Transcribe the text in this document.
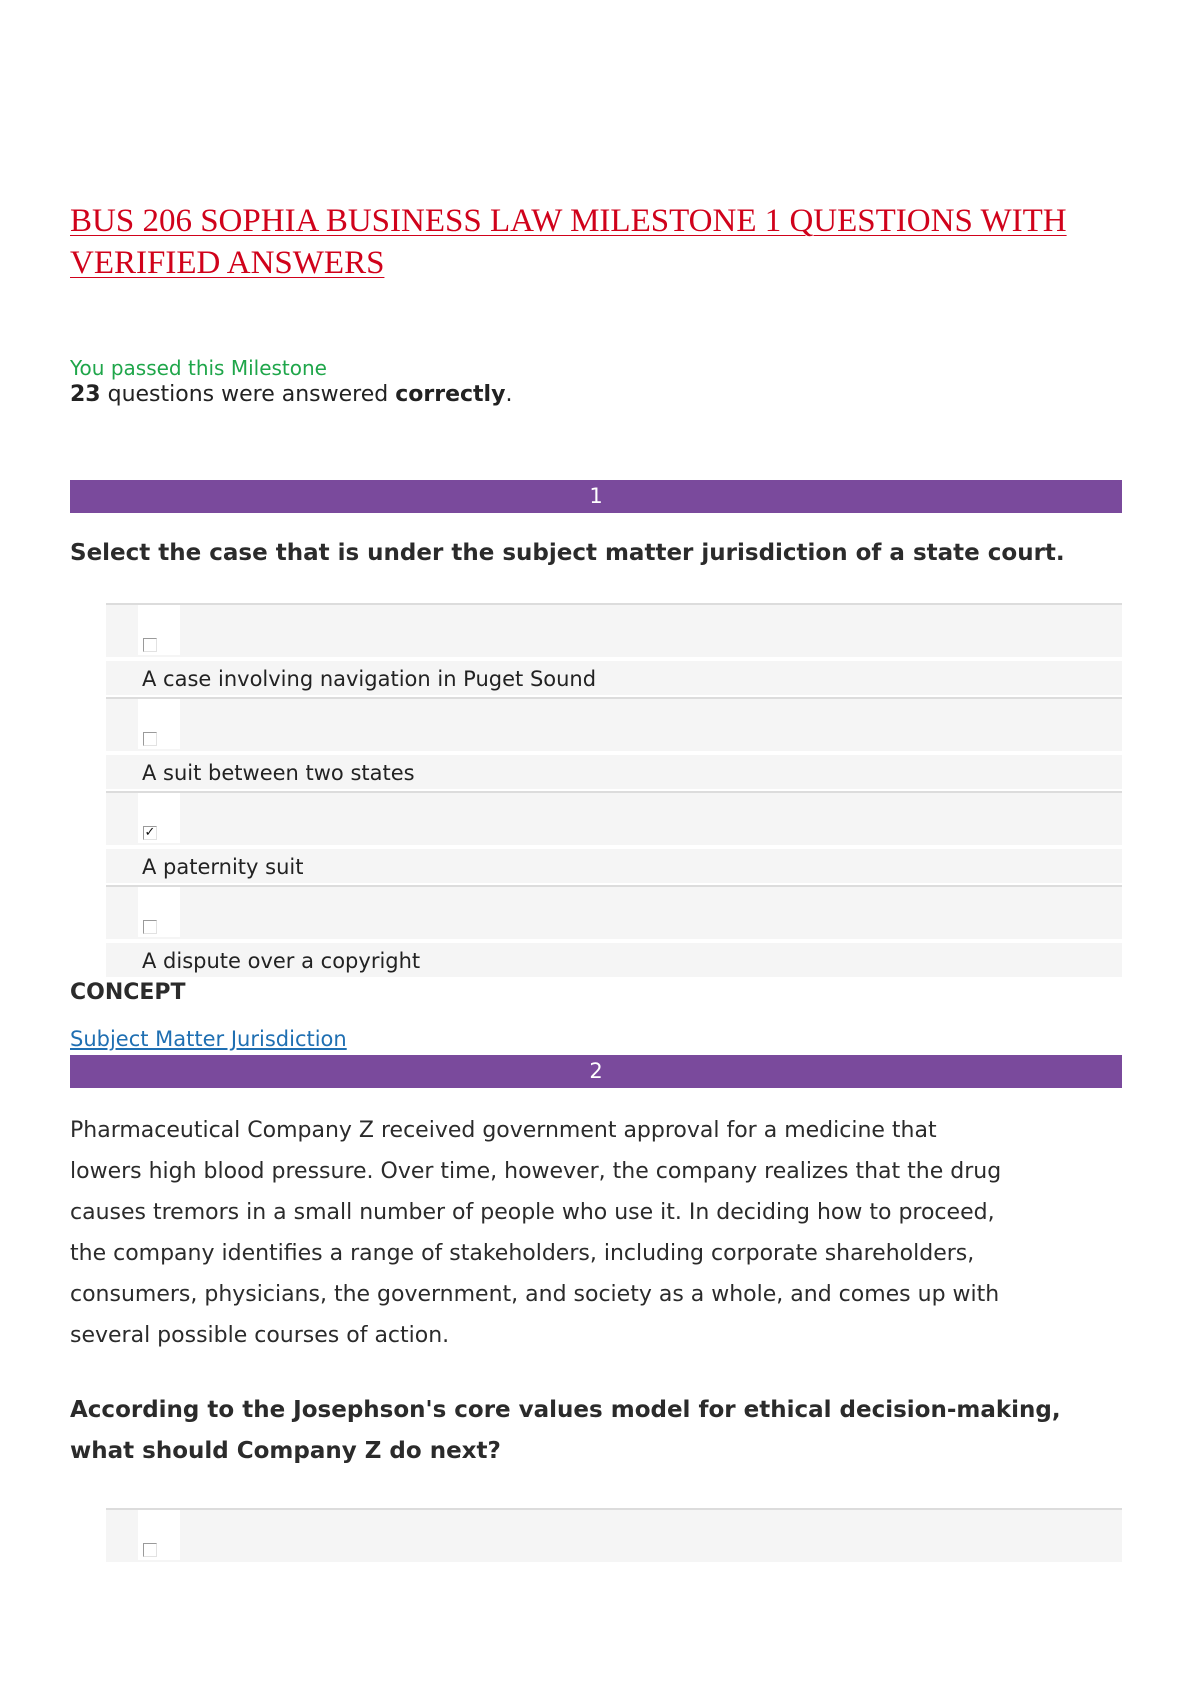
BUS 206 SOPHIA BUSINESS LAW MILESTONE 1 QUESTIONS WITH
VERIFIED ANSWERS
You passed this Milestone
23 questions were answered correctly.
1
Select the case that is under the subject matter jurisdiction of a state court.
A case involving navigation in Puget Sound
A suit between two states
✓
A paternity suit
A dispute over a copyright
CONCEPT
Subject Matter Jurisdiction
2

Pharmaceutical Company Z received government approval for a medicine that

lowers high blood pressure. Over time, however, the company realizes that the drug

causes tremors in a small number of people who use it. In deciding how to proceed,

the company identifies a range of stakeholders, including corporate shareholders,

consumers, physicians, the government, and society as a whole, and comes up with

several possible courses of action.

According to the Josephson's core values model for ethical decision-making,
what should Company Z do next?
